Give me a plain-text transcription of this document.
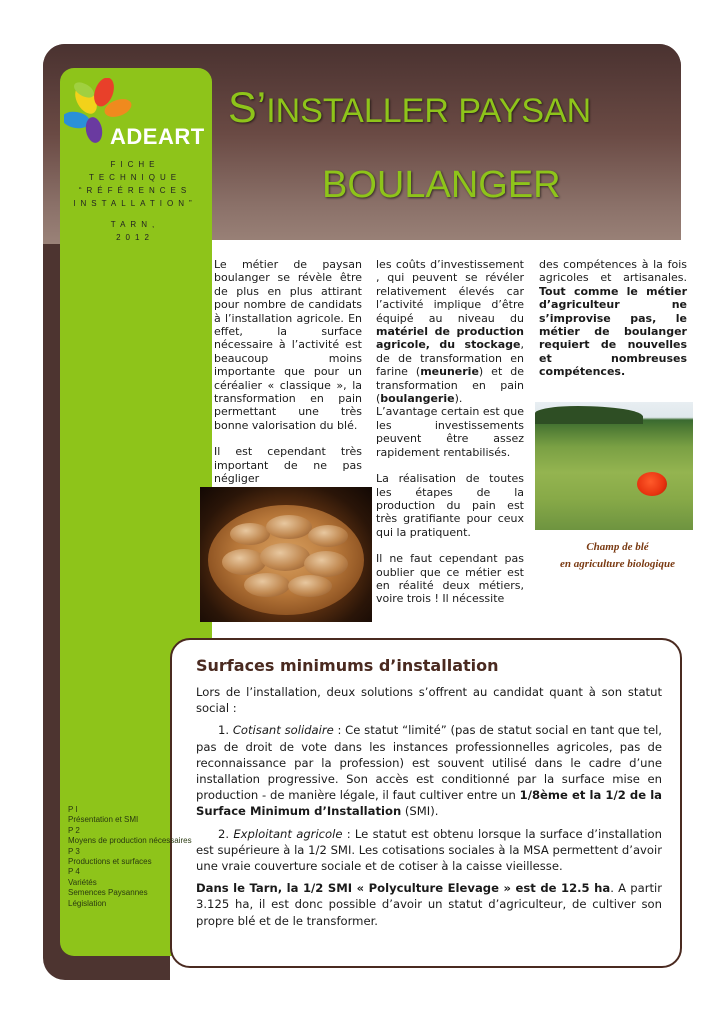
ADEART
FICHE
TECHNIQUE
“RÉFÉRENCES
INSTALLATION”
TARN,
2012
S’INSTALLER PAYSAN
BOULANGER

Le métier de paysan boulanger se révèle être de plus en plus attirant pour nombre de candidats à l’installation agricole. En effet, la surface nécessaire à l’activité est beaucoup moins importante que pour un céréalier « classique », la transformation en pain permettant une très bonne valorisation du blé.

Il est cependant très important de ne pas négliger

les coûts d’investissement , qui peuvent se révéler relativement élevés car l’activité implique d’être équipé au niveau du matériel de production agricole, du stockage, de de transformation en farine (meunerie) et de transformation en pain (boulangerie). L’avantage certain est que les investissements peuvent être assez rapidement rentabilisés.

La réalisation de toutes les étapes de la production du pain est très gratifiante pour ceux qui la pratiquent.

Il ne faut cependant pas oublier que ce métier est en réalité deux métiers, voire trois ! Il nécessite

des compétences à la fois agricoles et artisanales. Tout comme le métier d’agriculteur ne s’improvise pas, le métier de boulanger requiert de nouvelles et nombreuses compétences.

Champ de blé
en agriculture biologique
Surfaces minimums d’installation

Lors de l’installation, deux solutions s’offrent au candidat quant à son statut social :

1. Cotisant solidaire : Ce statut “limité” (pas de statut social en tant que tel, pas de droit de vote dans les instances professionnelles agricoles, pas de reconnaissance par la profession) est souvent utilisé dans le cadre d’une installation progressive. Son accès est conditionné par la surface mise en production - de manière légale, il faut cultiver entre un 1/8ème et la 1/2 de la Surface Minimum d’Installation (SMI).

2. Exploitant agricole : Le statut est obtenu lorsque la surface d’installation est supérieure à la 1/2 SMI. Les cotisations sociales à la MSA permettent d’avoir une vraie couverture sociale et de cotiser à la caisse vieillesse.

Dans le Tarn, la 1/2 SMI « Polyculture Elevage » est de 12.5 ha. A partir 3.125 ha, il est donc possible d’avoir un statut d’agriculteur, de cultiver son propre blé et de le transformer.

P I
Présentation et SMI
P 2
Moyens de production nécessaires
P 3
Productions et surfaces
P 4
Variétés
Semences Paysannes
Législation
